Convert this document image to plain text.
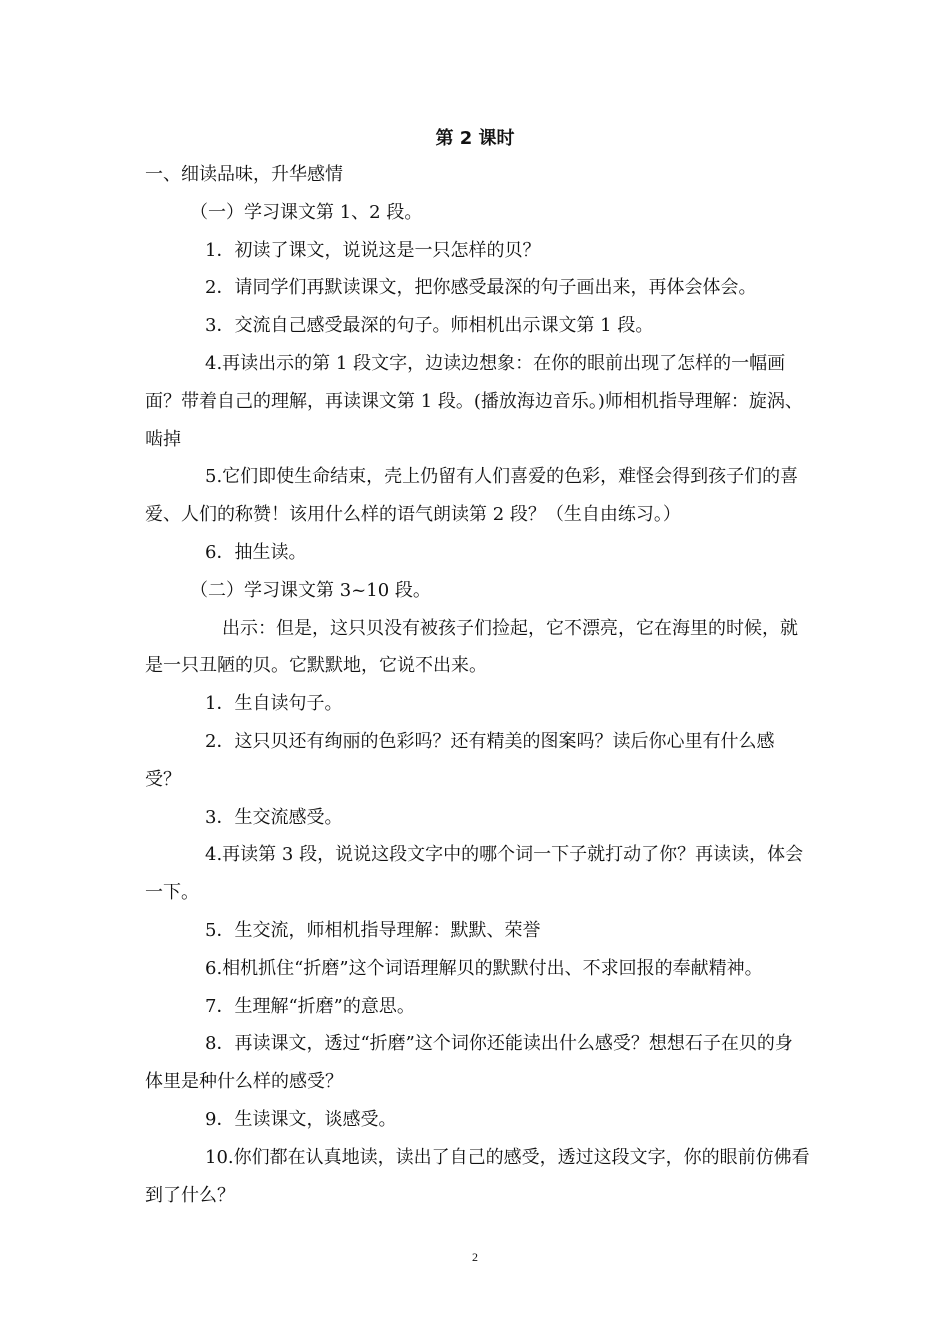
第 2 课时

一、细读品味，升华感情

（一）学习课文第 1、2 段。

1．初读了课文，说说这是一只怎样的贝？

2．请同学们再默读课文，把你感受最深的句子画出来，再体会体会。

3．交流自己感受最深的句子。师相机出示课文第 1 段。

4.再读出示的第 1 段文字，边读边想象：在你的眼前出现了怎样的一幅画面？带着自己的理解，再读课文第 1 段。(播放海边音乐。)师相机指导理解：旋涡、啮掉

5.它们即使生命结束，壳上仍留有人们喜爱的色彩，难怪会得到孩子们的喜爱、人们的称赞！该用什么样的语气朗读第 2 段？（生自由练习。）

6．抽生读。

（二）学习课文第 3~10 段。

出示：但是，这只贝没有被孩子们捡起，它不漂亮，它在海里的时候，就是一只丑陋的贝。它默默地，它说不出来。

1．生自读句子。

2．这只贝还有绚丽的色彩吗？还有精美的图案吗？读后你心里有什么感受？

3．生交流感受。

4.再读第 3 段，说说这段文字中的哪个词一下子就打动了你？再读读，体会一下。

5．生交流，师相机指导理解：默默、荣誉

6.相机抓住“折磨”这个词语理解贝的默默付出、不求回报的奉献精神。

7．生理解“折磨”的意思。

8．再读课文，透过“折磨”这个词你还能读出什么感受？想想石子在贝的身体里是种什么样的感受？

9．生读课文，谈感受。

10.你们都在认真地读，读出了自己的感受，透过这段文字，你的眼前仿佛看到了什么？

2
